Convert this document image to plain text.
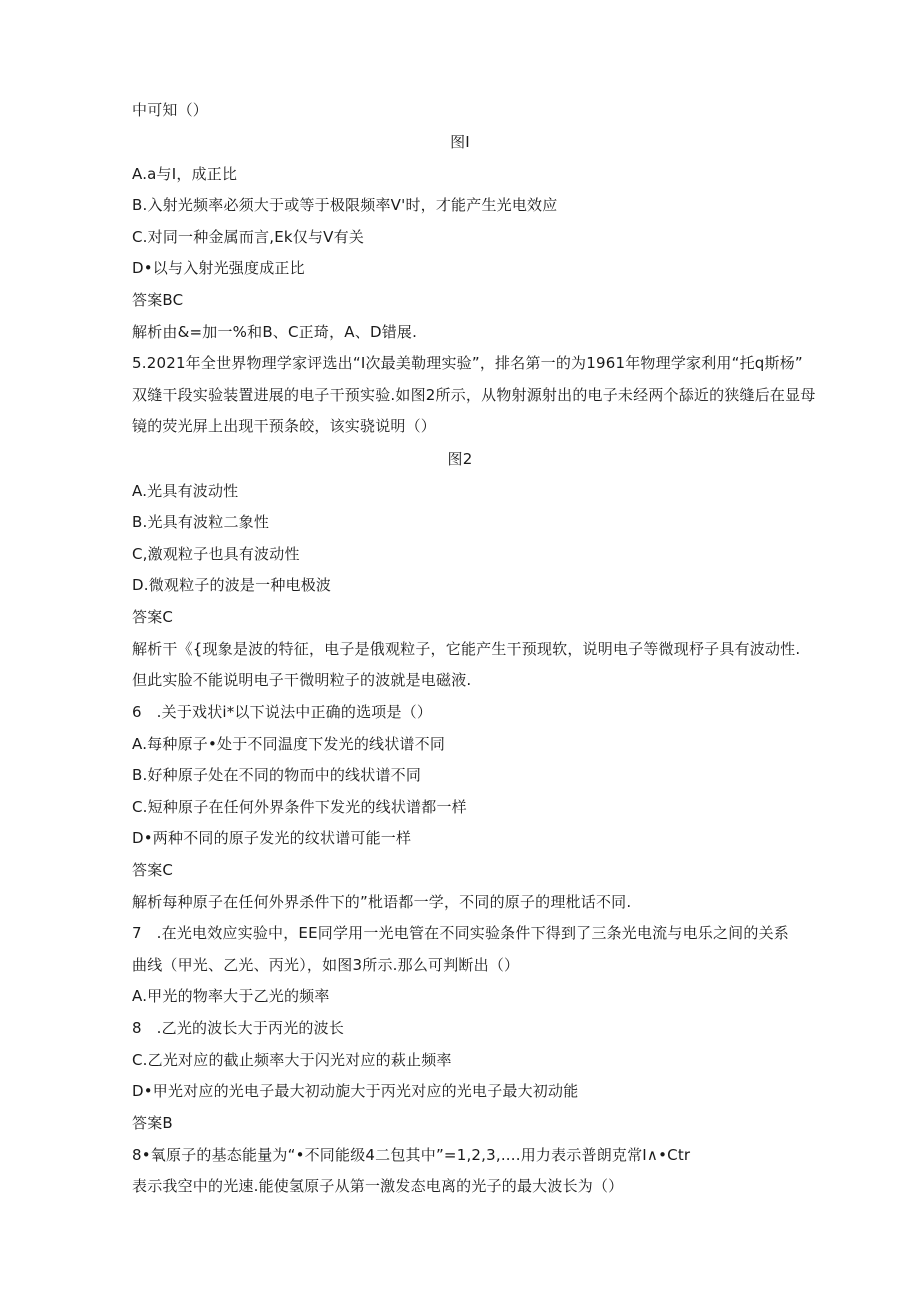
中可知（）
图I
A.a与I，成正比
B.入射光频率必须大于或等于极限频率V'时，才能产生光电效应
C.对同一种金属而言,Ek仅与V有关
D•以与入射光强度成正比
答案BC
解析由&=加一%和B、C正琦，A、D错展.
5.2021年全世界物理学家评选出“I次最美勒理实验”，排名第一的为1961年物理学家利用“托q斯杨”
双缝干段实验装置进展的电子干预实验.如图2所示，从物射源射出的电子未经两个舔近的狭缝后在显母
镜的荧光屏上出现干预条皎，该实骁说明（）
图2
A.光具有波动性
B.光具有波粒二象性
C,激观粒子也具有波动性
D.微观粒子的波是一种电极波
答案C
解析干《{现象是波的特征，电子是俄观粒子，它能产生干预现软，说明电子等微现杼子具有波动性.
但此实脸不能说明电子干微明粒子的波就是电磁液.
6   .关于戏状i*以下说法中正确的选项是（）
A.每种原子•处于不同温度下发光的线状谱不同
B.好种原子处在不同的物而中的线状谱不同
C.短种原子在任何外界条件下发光的线状谱都一样
D•两种不同的原子发光的纹状谱可能一样
答案C
解析每种原子在任何外界杀件下的”枇语都一学，不同的原子的理枇话不同.
7   .在光电效应实验中，EE同学用一光电管在不同实验条件下得到了三条光电流与电乐之间的关系
曲线（甲光、乙光、丙光），如图3所示.那么可判断出（）
A.甲光的物率大于乙光的频率
8   .乙光的波长大于丙光的波长
C.乙光对应的截止频率大于闪光对应的萩止频率
D•甲光对应的光电子最大初动旎大于丙光对应的光电子最大初动能
答案B
8•氧原子的基态能量为“•不同能级4二包其中”=1,2,3,....用力表示普朗克常I∧•Ctr
表示我空中的光速.能使氢原子从第一激发态电离的光子的最大波长为（）
